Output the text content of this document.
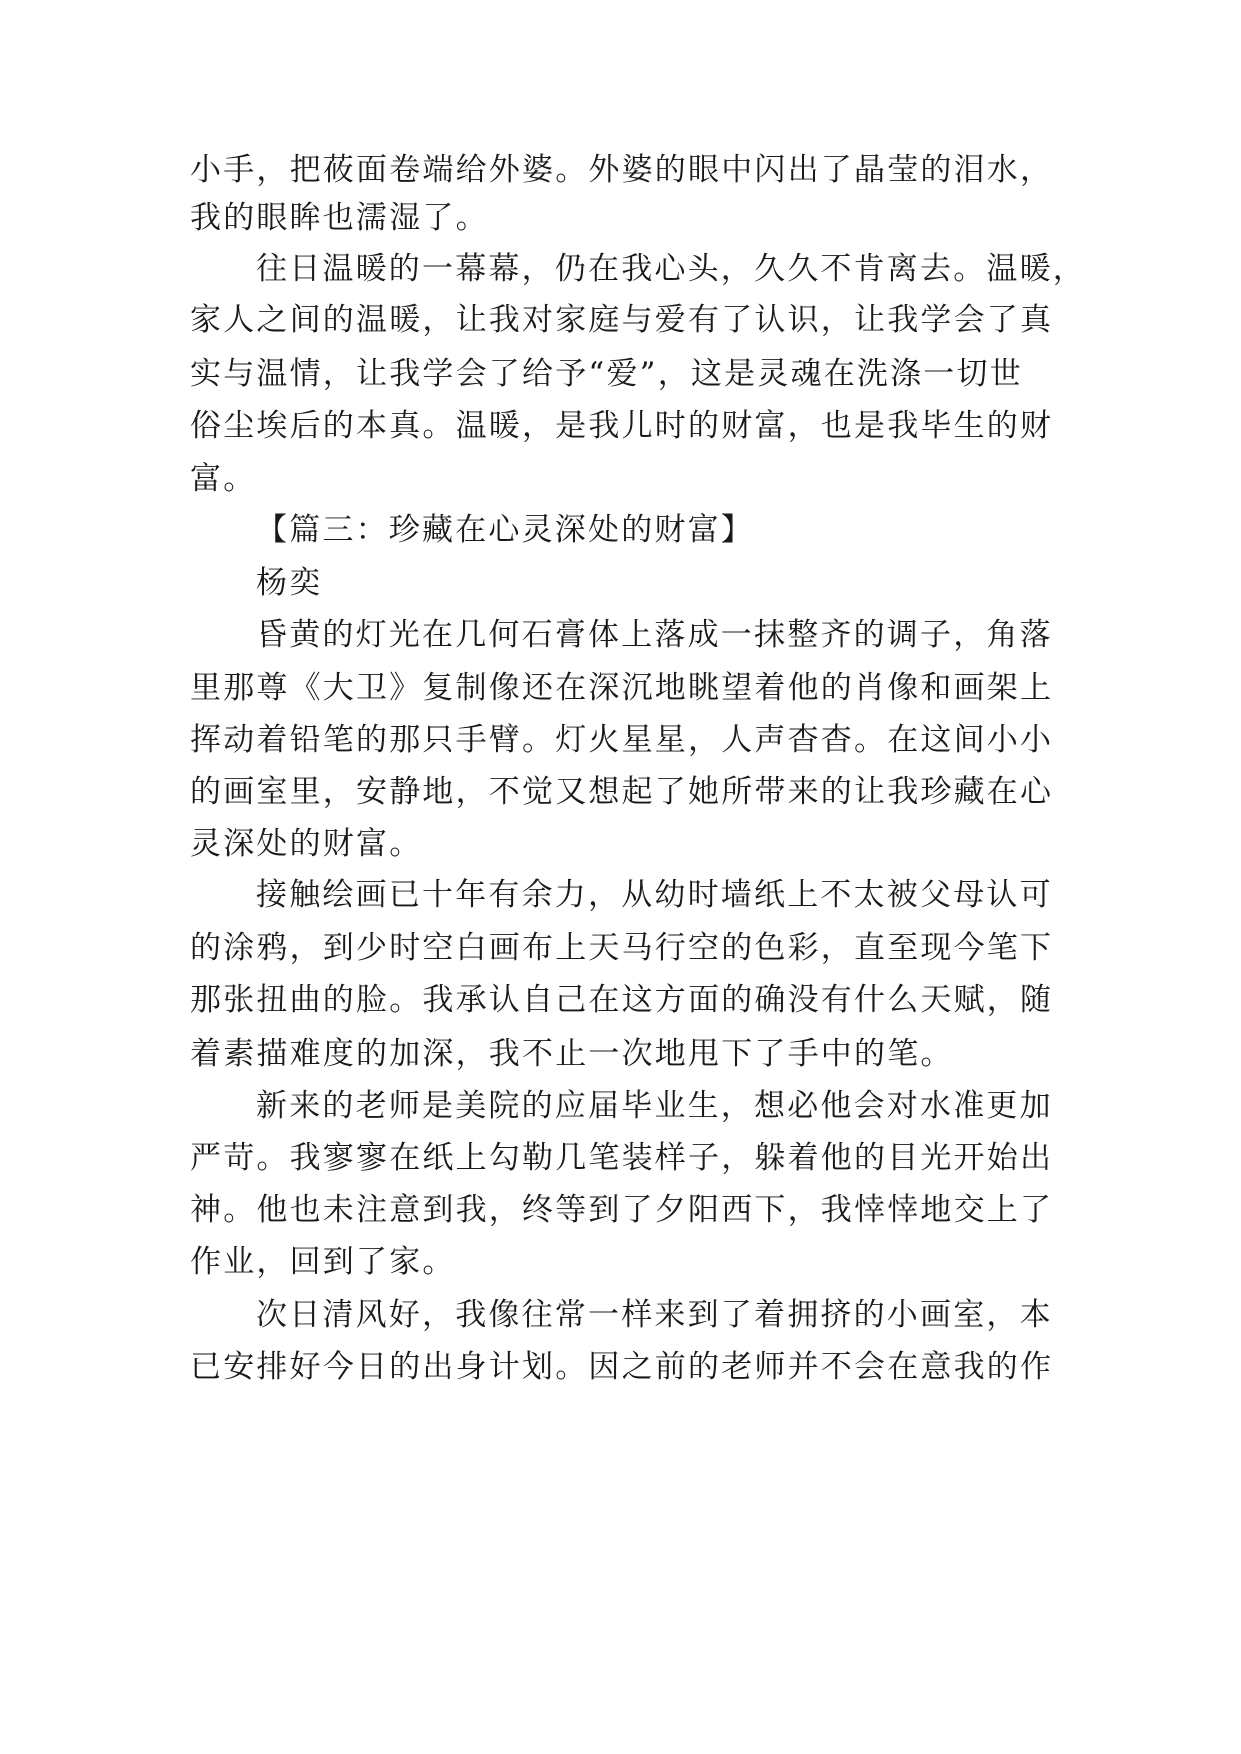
小手，把莜面卷端给外婆。外婆的眼中闪出了晶莹的泪水，
我的眼眸也濡湿了。
往日温暖的一幕幕，仍在我心头，久久不肯离去。温暖，
家人之间的温暖，让我对家庭与爱有了认识，让我学会了真
实与温情，让我学会了给予“爱”，这是灵魂在洗涤一切世
俗尘埃后的本真。温暖，是我儿时的财富，也是我毕生的财
富。
【篇三：珍藏在心灵深处的财富】
杨奕
昏黄的灯光在几何石膏体上落成一抹整齐的调子，角落
里那尊《大卫》复制像还在深沉地眺望着他的肖像和画架上
挥动着铅笔的那只手臂。灯火星星，人声杳杳。在这间小小
的画室里，安静地，不觉又想起了她所带来的让我珍藏在心
灵深处的财富。
接触绘画已十年有余力，从幼时墙纸上不太被父母认可
的涂鸦，到少时空白画布上天马行空的色彩，直至现今笔下
那张扭曲的脸。我承认自己在这方面的确没有什么天赋，随
着素描难度的加深，我不止一次地甩下了手中的笔。
新来的老师是美院的应届毕业生，想必他会对水准更加
严苛。我寥寥在纸上勾勒几笔装样子，躲着他的目光开始出
神。他也未注意到我，终等到了夕阳西下，我悻悻地交上了
作业，回到了家。
次日清风好，我像往常一样来到了着拥挤的小画室，本
已安排好今日的出身计划。因之前的老师并不会在意我的作
